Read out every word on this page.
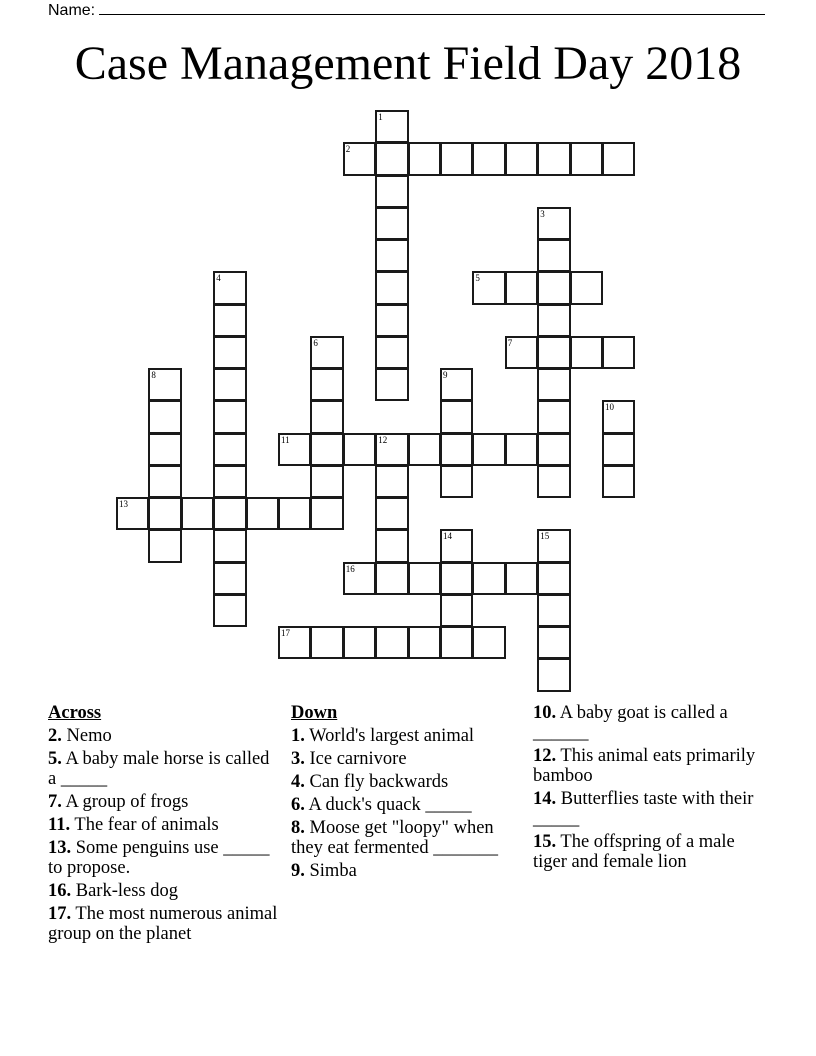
Name:
Case Management Field Day 2018
1
2
3
4	5
6	7
8	9
10
11	12
13
14	15
16
17
Across
2. Nemo
5. A baby male horse is called a _____
7. A group of frogs
11. The fear of animals
13. Some penguins use _____ to propose.
16. Bark-less dog
17. The most numerous animal group on the planet
Down
1. World's largest animal
3. Ice carnivore
4. Can fly backwards
6. A duck's quack _____
8. Moose get "loopy" when they eat fermented _______
9. Simba
10. A baby goat is called a ______
12. This animal eats primarily bamboo
14. Butterflies taste with their _____
15. The offspring of a male tiger and female lion
